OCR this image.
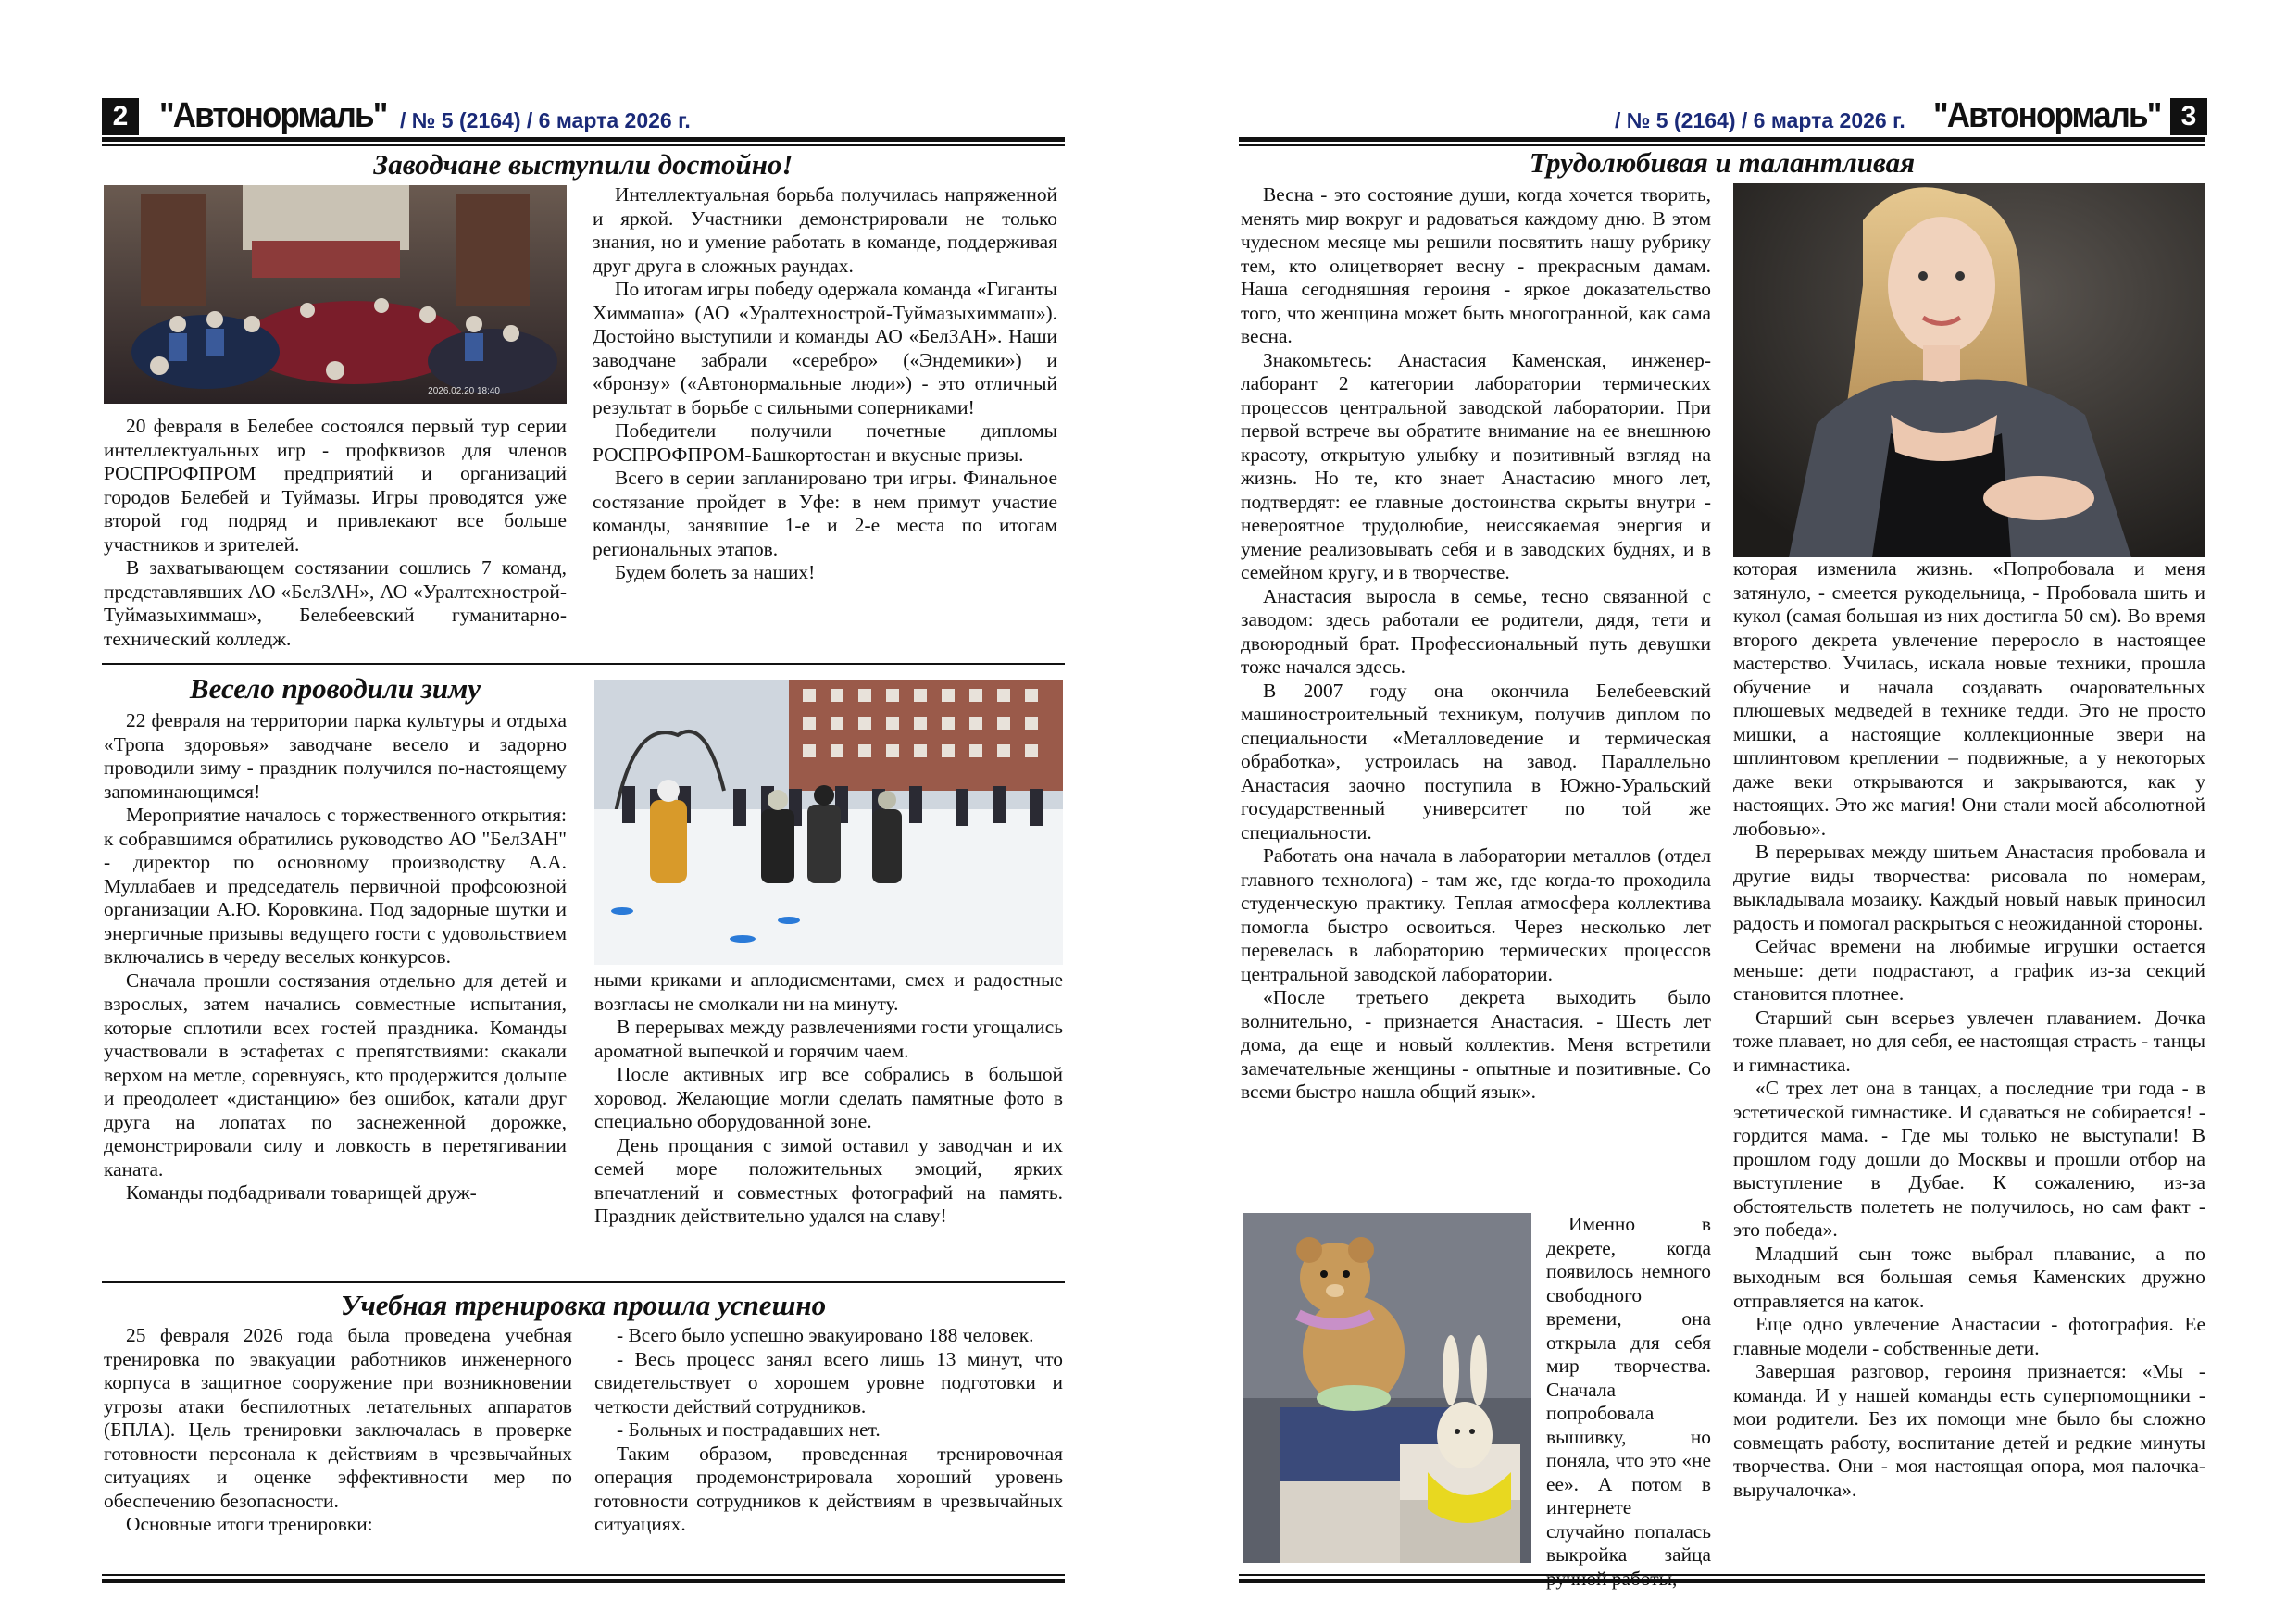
2 "Автонормаль" / № 5 (2164) / 6 марта 2026 г.
Заводчане выступили достойно!
2026.02.20 18:40

20 февраля в Белебее состоялся первый тур серии интеллектуальных игр - профквизов для членов РОСПРОФПРОМ предприятий и организаций городов Белебей и Туймазы. Игры проводятся уже второй год подряд и привлекают все больше участников и зрителей.

В захватывающем состязании сошлись 7 команд, представлявших АО «БелЗАН», АО «Уралтехнострой-Туймазыхиммаш», Белебеевский гуманитарно-технический колледж.

Интеллектуальная борьба получилась напряженной и яркой. Участники демонстрировали не только знания, но и умение работать в команде, поддерживая друг друга в сложных раундах.

По итогам игры победу одержала команда «Гиганты Химмаша» (АО «Уралтехнострой-Туймазыхиммаш»). Достойно выступили и команды АО «БелЗАН». Наши заводчане забрали «серебро» («Эндемики») и «бронзу» («Автонормальные люди») - это отличный результат в борьбе с сильными соперниками!

Победители получили почетные дипломы РОСПРОФПРОМ-Башкортостан и вкусные призы.

Всего в серии запланировано три игры. Финальное состязание пройдет в Уфе: в нем примут участие команды, занявшие 1-е и 2-е места по итогам региональных этапов.

Будем болеть за наших!

Весело проводили зиму

22 февраля на территории парка культуры и отдыха «Тропа здоровья» заводчане весело и задорно проводили зиму - праздник получился по-настоящему запоминающимся!

Мероприятие началось с торжественного открытия: к собравшимся обратились руководство АО "БелЗАН" - директор по основному производству А.А. Муллабаев и председатель первичной профсоюзной организации А.Ю. Коровкина. Под задорные шутки и энергичные призывы ведущего гости с удовольствием включались в череду веселых конкурсов.

Сначала прошли состязания отдельно для детей и взрослых, затем начались совместные испытания, которые сплотили всех гостей праздника. Команды участвовали в эстафетах с препятствиями: скакали верхом на метле, соревнуясь, кто продержится дольше и преодолеет «дистанцию» без ошибок, катали друг друга на лопатах по заснеженной дорожке, демонстрировали силу и ловкость в перетягивании каната.

Команды подбадривали товарищей друж-

ными криками и аплодисментами, смех и радостные возгласы не смолкали ни на минуту.

В перерывах между развлечениями гости угощались ароматной выпечкой и горячим чаем.

После активных игр все собрались в большой хоровод. Желающие могли сделать памятные фото в специально оборудованной зоне.

День прощания с зимой оставил у заводчан и их семей море положительных эмоций, ярких впечатлений и совместных фотографий на память. Праздник действительно удался на славу!

Учебная тренировка прошла успешно

25 февраля 2026 года была проведена учебная тренировка по эвакуации работников инженерного корпуса в защитное сооружение при возникновении угрозы атаки беспилотных летательных аппаратов (БПЛА). Цель тренировки заключалась в проверке готовности персонала к действиям в чрезвычайных ситуациях и оценке эффективности мер по обеспечению безопасности.

Основные итоги тренировки:

- Всего было успешно эвакуировано 188 человек.

- Весь процесс занял всего лишь 13 минут, что свидетельствует о хорошем уровне подготовки и четкости действий сотрудников.

- Больных и пострадавших нет.

Таким образом, проведенная тренировочная операция продемонстрировала хороший уровень готовности сотрудников к действиям в чрезвычайных ситуациях.

/ № 5 (2164) / 6 марта 2026 г. "Автонормаль" 3
Трудолюбивая и талантливая

Весна - это состояние души, когда хочется творить, менять мир вокруг и радоваться каждому дню. В этом чудесном месяце мы решили посвятить нашу рубрику тем, кто олицетворяет весну - прекрасным дамам. Наша сегодняшняя героиня - яркое доказательство того, что женщина может быть многогранной, как сама весна.

Знакомьтесь: Анастасия Каменская, инженер-лаборант 2 категории лаборатории термических процессов центральной заводской лаборатории. При первой встрече вы обратите внимание на ее внешнюю красоту, открытую улыбку и позитивный взгляд на жизнь. Но те, кто знает Анастасию много лет, подтвердят: ее главные достоинства скрыты внутри - невероятное трудолюбие, неиссякаемая энергия и умение реализовывать себя и в заводских буднях, и в семейном кругу, и в творчестве.

Анастасия выросла в семье, тесно связанной с заводом: здесь работали ее родители, дядя, тети и двоюродный брат. Профессиональный путь девушки тоже начался здесь.

В 2007 году она окончила Белебеевский машиностроительный техникум, получив диплом по специальности «Металловедение и термическая обработка», устроилась на завод. Параллельно Анастасия заочно поступила в Южно-Уральский государственный университет по той же специальности.

Работать она начала в лаборатории металлов (отдел главного технолога) - там же, где когда-то проходила студенческую практику. Теплая атмосфера коллектива помогла быстро освоиться. Через несколько лет перевелась в лабораторию термических процессов центральной заводской лаборатории.

«После третьего декрета выходить было волнительно, - признается Анастасия. - Шесть лет дома, да еще и новый коллектив. Меня встретили замечательные женщины - опытные и позитивные. Со всеми быстро нашла общий язык».

Именно в декрете, когда появилось немного свободного времени, она открыла для себя мир творчества. Сначала попробовала вышивку, но поняла, что это «не ее». А потом в интернете случайно попалась выкройка зайца

которая изменила жизнь. «Попробовала и меня затянуло, - смеется рукодельница, - Пробовала шить и кукол (самая большая из них достигла 50 см). Во время второго декрета увлечение переросло в настоящее мастерство. Училась, искала новые техники, прошла обучение и начала создавать очаровательных плюшевых медведей в технике тедди. Это не просто мишки, а настоящие коллекционные звери на шплинтовом креплении – подвижные, а у некоторых даже веки открываются и закрываются, как у настоящих. Это же магия! Они стали моей абсолютной любовью».

В перерывах между шитьем Анастасия пробовала и другие виды творчества: рисовала по номерам, выкладывала мозаику. Каждый новый навык приносил радость и помогал раскрыться с неожиданной стороны.

Сейчас времени на любимые игрушки остается меньше: дети подрастают, а график из-за секций становится плотнее.

Старший сын всерьез увлечен плаванием. Дочка тоже плавает, но для себя, ее настоящая страсть - танцы и гимнастика.

«С трех лет она в танцах, а последние три года - в эстетической гимнастике. И сдаваться не собирается! - гордится мама. - Где мы только не выступали! В прошлом году дошли до Москвы и прошли отбор на выступление в Дубае. К сожалению, из-за обстоятельств полететь не получилось, но сам факт - это победа».

Младший сын тоже выбрал плавание, а по выходным вся большая семья Каменских дружно отправляется на каток.

Еще одно увлечение Анастасии - фотография. Ее главные модели - собственные дети.

Завершая разговор, героиня признается: «Мы - команда. И у нашей команды есть суперпомощники - мои родители. Без их помощи мне было бы сложно совмещать работу, воспитание детей и редкие минуты творчества. Они - моя настоящая опора, моя палочка-выручалочка».
